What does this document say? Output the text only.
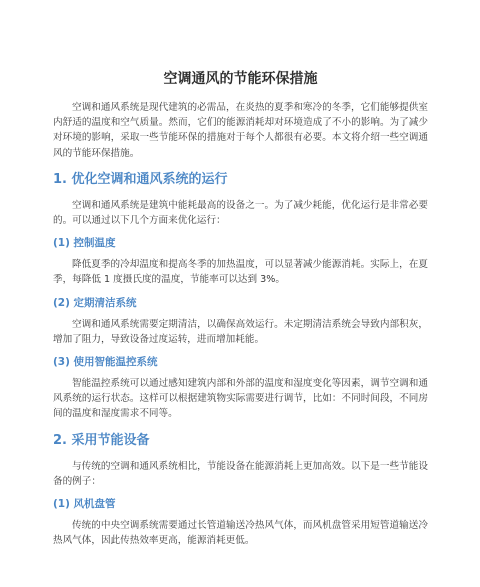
空调通风的节能环保措施

空调和通风系统是现代建筑的必需品，在炎热的夏季和寒冷的冬季，它们能够提供室内舒适的温度和空气质量。然而，它们的能源消耗却对环境造成了不小的影响。为了减少对环境的影响，采取一些节能环保的措施对于每个人都很有必要。本文将介绍一些空调通风的节能环保措施。

1. 优化空调和通风系统的运行

空调和通风系统是建筑中能耗最高的设备之一。为了减少耗能，优化运行是非常必要的。可以通过以下几个方面来优化运行：

(1) 控制温度

降低夏季的冷却温度和提高冬季的加热温度，可以显著减少能源消耗。实际上，在夏季，每降低 1 度摄氏度的温度，节能率可以达到 3%。

(2) 定期清洁系统

空调和通风系统需要定期清洁，以确保高效运行。未定期清洁系统会导致内部积灰，增加了阻力，导致设备过度运转，进而增加耗能。

(3) 使用智能温控系统

智能温控系统可以通过感知建筑内部和外部的温度和湿度变化等因素，调节空调和通风系统的运行状态。这样可以根据建筑物实际需要进行调节，比如：不同时间段，不同房间的温度和湿度需求不同等。

2. 采用节能设备

与传统的空调和通风系统相比，节能设备在能源消耗上更加高效。以下是一些节能设备的例子：

(1) 风机盘管

传统的中央空调系统需要通过长管道输送冷热风气体，而风机盘管采用短管道输送冷热风气体，因此传热效率更高，能源消耗更低。
